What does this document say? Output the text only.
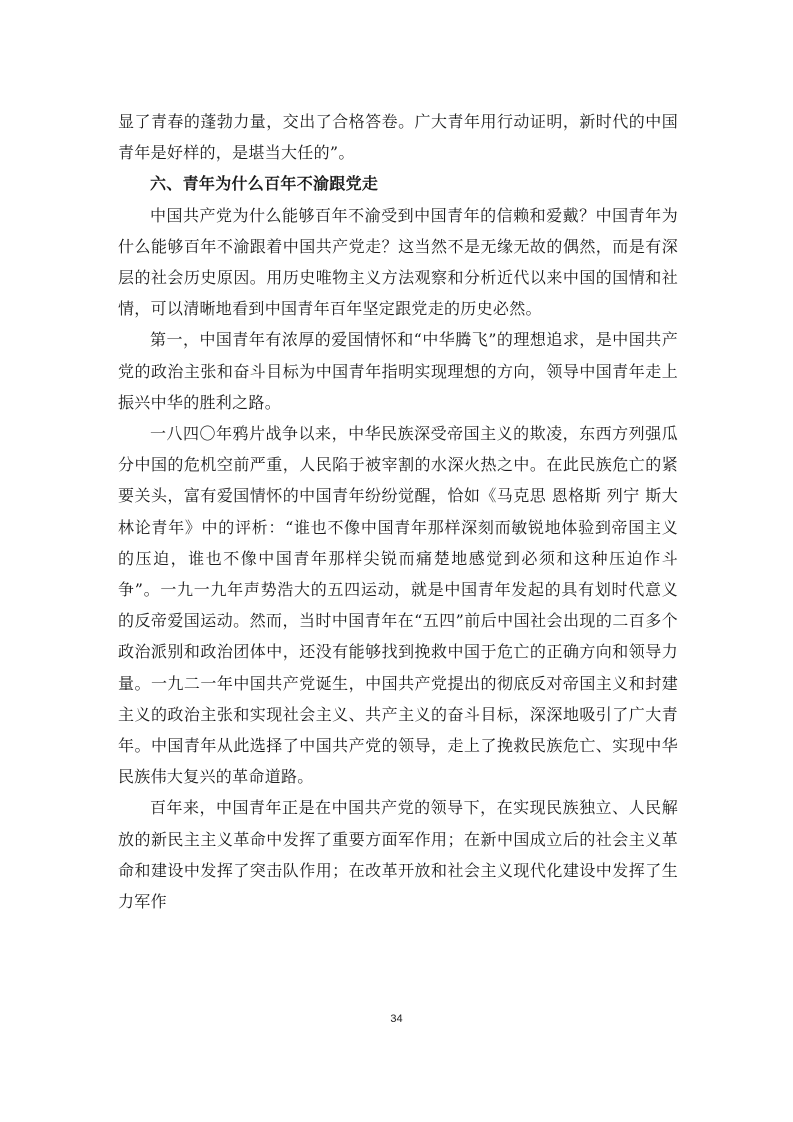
显了青春的蓬勃力量，交出了合格答卷。广大青年用行动证明，新时代的中国青年是好样的，是堪当大任的”。

六、青年为什么百年不渝跟党走

中国共产党为什么能够百年不渝受到中国青年的信赖和爱戴？中国青年为什么能够百年不渝跟着中国共产党走？这当然不是无缘无故的偶然，而是有深层的社会历史原因。用历史唯物主义方法观察和分析近代以来中国的国情和社情，可以清晰地看到中国青年百年坚定跟党走的历史必然。

第一，中国青年有浓厚的爱国情怀和“中华腾飞”的理想追求，是中国共产党的政治主张和奋斗目标为中国青年指明实现理想的方向，领导中国青年走上振兴中华的胜利之路。

一八四〇年鸦片战争以来，中华民族深受帝国主义的欺凌，东西方列强瓜分中国的危机空前严重，人民陷于被宰割的水深火热之中。在此民族危亡的紧要关头，富有爱国情怀的中国青年纷纷觉醒，恰如《马克思 恩格斯 列宁 斯大林论青年》中的评析：“谁也不像中国青年那样深刻而敏锐地体验到帝国主义的压迫，谁也不像中国青年那样尖锐而痛楚地感觉到必须和这种压迫作斗争”。一九一九年声势浩大的五四运动，就是中国青年发起的具有划时代意义的反帝爱国运动。然而，当时中国青年在“五四”前后中国社会出现的二百多个政治派别和政治团体中，还没有能够找到挽救中国于危亡的正确方向和领导力量。一九二一年中国共产党诞生，中国共产党提出的彻底反对帝国主义和封建主义的政治主张和实现社会主义、共产主义的奋斗目标，深深地吸引了广大青年。中国青年从此选择了中国共产党的领导，走上了挽救民族危亡、实现中华民族伟大复兴的革命道路。

百年来，中国青年正是在中国共产党的领导下，在实现民族独立、人民解放的新民主主义革命中发挥了重要方面军作用；在新中国成立后的社会主义革命和建设中发挥了突击队作用；在改革开放和社会主义现代化建设中发挥了生力军作

34
